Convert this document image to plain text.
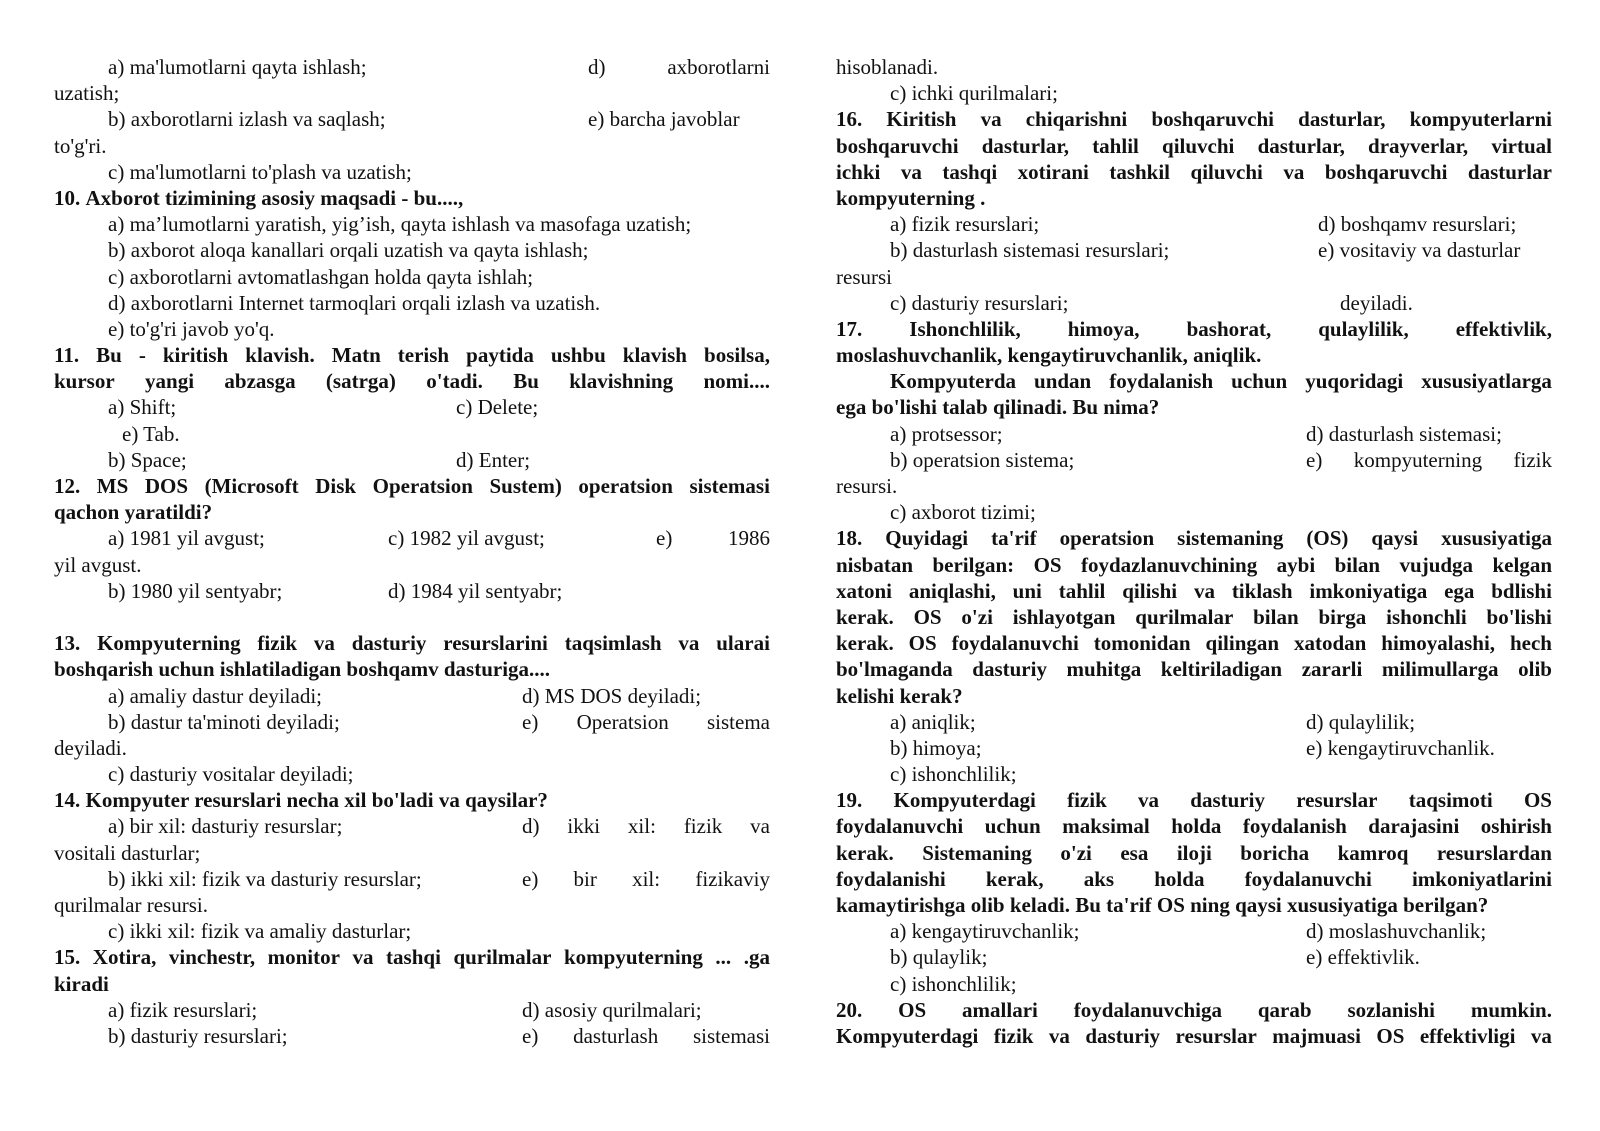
a) ma'lumotlarni qayta ishlash;	d)	axborotlarni
uzatish;
b) axborotlarni izlash va saqlash;	e) barcha javoblar
to'g'ri.
c) ma'lumotlarni to'plash va uzatish;
10.
Axborot
tizimining
asosiy
maqsadi
-
bu....,
a) ma’lumotlarni yaratish, yig’ish, qayta ishlash va masofaga uzatish;
b) axborot aloqa kanallari orqali uzatish va qayta ishlash;
c) axborotlarni avtomatlashgan holda qayta ishlah;
d) axborotlarni Internet tarmoqlari orqali izlash va uzatish.
e) to'g'ri javob yo'q.
11. Bu - kiritish klavish. Matn terish paytida ushbu klavish bosilsa,
kursor yangi abzasga (satrga) o'tadi. Bu klavishning nomi....
a) Shift;	c) Delete;
e) Tab.
b) Space;	d) Enter;
12. MS DOS (Microsoft Disk Operatsion Sustem) operatsion sistemasi
qachon yaratildi?
a) 1981 yil avgust;	c) 1982 yil avgust;	e)	1986
yil avgust.
b) 1980 yil sentyabr;	d) 1984 yil sentyabr;
13. Kompyuterning fizik va dasturiy resurslarini taqsimlash va ularai
boshqarish
uchun
ishlatiladigan
boshqamv
dasturiga....
a) amaliy dastur deyiladi;	d) MS DOS deyiladi;
b) dastur ta'minoti deyiladi;	e) Operatsion sistema
deyiladi.
c) dasturiy vositalar deyiladi;
14. Kompyuter resurslari necha xil bo'ladi va qaysilar?
a) bir xil: dasturiy resurslar;	d) ikki xil: fizik va
vositali dasturlar;
b) ikki xil: fizik va dasturiy resurslar;	e) bir xil: fizikaviy
qurilmalar resursi.
c) ikki xil: fizik va amaliy dasturlar;
15. Xotira, vinchestr, monitor va tashqi qurilmalar kompyuterning ... .ga
kiradi
a) fizik resurslari;	d) asosiy qurilmalari;
b) dasturiy resurslari;	e) dasturlash sistemasi
hisoblanadi.
c) ichki qurilmalari;
16. Kiritish va chiqarishni boshqaruvchi dasturlar, kompyuterlarni
boshqaruvchi dasturlar, tahlil qiluvchi dasturlar, drayverlar, virtual
ichki va tashqi xotirani tashkil qiluvchi va boshqaruvchi dasturlar
kompyuterning .
a) fizik resurslari;	d) boshqamv resurslari;
b) dasturlash sistemasi resurslari;	e) vositaviy va dasturlar
resursi
c) dasturiy resurslari;	deyiladi.
17. Ishonchlilik, himoya, bashorat, qulaylilik, effektivlik,
moslashuvchanlik, kengaytiruvchanlik, aniqlik.
Kompyuterda undan foydalanish uchun yuqoridagi xususiyatlarga
ega bo'lishi talab qilinadi. Bu nima?
a) protsessor;	d) dasturlash sistemasi;
b) operatsion sistema;	e) kompyuterning fizik
resursi.
c) axborot tizimi;
18. Quyidagi ta'rif operatsion sistemaning (OS) qaysi xususiyatiga
nisbatan berilgan: OS foydazlanuvchining aybi bilan vujudga kelgan
xatoni aniqlashi, uni tahlil qilishi va tiklash imkoniyatiga ega bdlishi
kerak. OS o'zi ishlayotgan qurilmalar bilan birga ishonchli bo'lishi
kerak. OS foydalanuvchi tomonidan qilingan xatodan himoyalashi, hech
bo'lmaganda dasturiy muhitga keltiriladigan zararli milimullarga olib
kelishi kerak?
a) aniqlik;	d) qulaylilik;
b) himoya;	e) kengaytiruvchanlik.
c) ishonchlilik;
19. Kompyuterdagi fizik va dasturiy resurslar taqsimoti OS
foydalanuvchi uchun maksimal holda foydalanish darajasini oshirish
kerak. Sistemaning o'zi esa iloji boricha kamroq resurslardan
foydalanishi kerak, aks holda foydalanuvchi imkoniyatlarini
kamaytirishga olib keladi. Bu ta'rif OS ning qaysi xususiyatiga berilgan?
a) kengaytiruvchanlik;	d) moslashuvchanlik;
b) qulaylik;	e) effektivlik.
c) ishonchlilik;
20. OS amallari foydalanuvchiga qarab sozlanishi mumkin.
Kompyuterdagi fizik va dasturiy resurslar majmuasi OS effektivligi va
